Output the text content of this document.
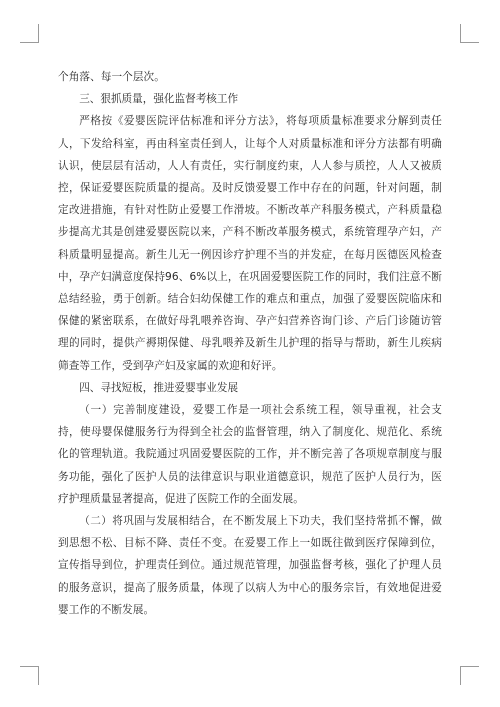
个角落、每一个层次。

三、狠抓质量，强化监督考核工作

严格按《爱婴医院评估标准和评分方法》，将每项质量标准要求分解到责任人，下发给科室，再由科室责任到人，让每个人对质量标准和评分方法都有明确认识，使层层有活动，人人有责任，实行制度约束，人人参与质控，人人又被质控，保证爱婴医院质量的提高。及时反馈爱婴工作中存在的问题，针对问题，制定改进措施，有针对性防止爱婴工作滑坡。不断改革产科服务模式，产科质量稳步提高尤其是创建爱婴医院以来，产科不断改革服务模式，系统管理孕产妇，产科质量明显提高。新生儿无一例因诊疗护理不当的并发症，在每月医德医风检查中，孕产妇满意度保持96、6%以上，在巩固爱婴医院工作的同时，我们注意不断总结经验，勇于创新。结合妇幼保健工作的难点和重点，加强了爱婴医院临床和保健的紧密联系，在做好母乳喂养咨询、孕产妇营养咨询门诊、产后门诊随访管理的同时，提供产褥期保健、母乳喂养及新生儿护理的指导与帮助，新生儿疾病筛查等工作，受到孕产妇及家属的欢迎和好评。

四、寻找短板，推进爱婴事业发展

（一）完善制度建设，爱婴工作是一项社会系统工程，领导重视，社会支持，使母婴保健服务行为得到全社会的监督管理，纳入了制度化、规范化、系统化的管理轨道。我院通过巩固爱婴医院的工作，并不断完善了各项规章制度与服务功能，强化了医护人员的法律意识与职业道德意识，规范了医护人员行为，医疗护理质量显著提高，促进了医院工作的全面发展。

（二）将巩固与发展相结合，在不断发展上下功夫，我们坚持常抓不懈，做到思想不松、目标不降、责任不变。在爱婴工作上一如既往做到医疗保障到位，宣传指导到位，护理责任到位。通过规范管理，加强监督考核，强化了护理人员的服务意识，提高了服务质量，体现了以病人为中心的服务宗旨，有效地促进爱婴工作的不断发展。
